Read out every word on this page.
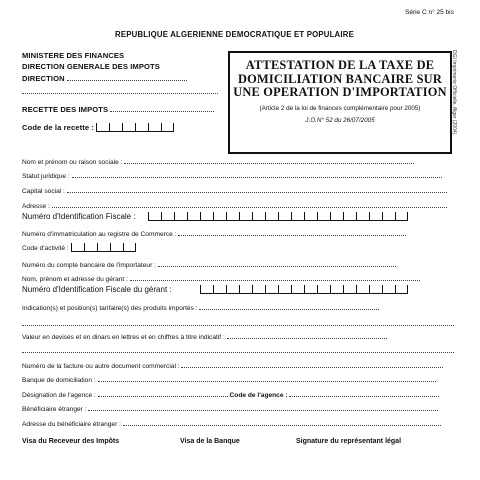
Série C n° 25 bis
REPUBLIQUE ALGERIENNE DEMOCRATIQUE ET POPULAIRE
DGI Imprimerie Officielle, Alger (2004)
MINISTERE DES FINANCES
DIRECTION GENERALE DES IMPOTS
DIRECTION
RECETTE DES IMPOTS
Code de la recette :
ATTESTATION DE LA TAXE DE
DOMICILIATION BANCAIRE SUR
UNE OPERATION D'IMPORTATION
(Article 2 de la loi de finances complémentaire pour 2005)
J.O.N° 52 du 26/07/2005
Nom et prénom ou raison sociale :
Statut juridique :
Capital social :
Adresse :
Numéro d'Identification Fiscale :
Numéro d'immatriculation au registre de Commerce :
Code d'activité :
Numéro du compte bancaire de l'importateur :
Nom, prénom et adresse du gérant :
Numéro d'Identification Fiscale du gérant :
Indication(s) et position(s) tarifaire(s) des produits importés :
Valeur en devises et en dinars en lettres et en chiffres à titre indicatif :
Numéro de la facture ou autre document commercial :
Banque de domiciliation :
Désignation de l'agence :	Code de l'agence :
Bénéficiaire étranger :
Adresse du bénéficiaire étranger :
Visa du Receveur des Impôts	Visa de la Banque	Signature du représentant légal
